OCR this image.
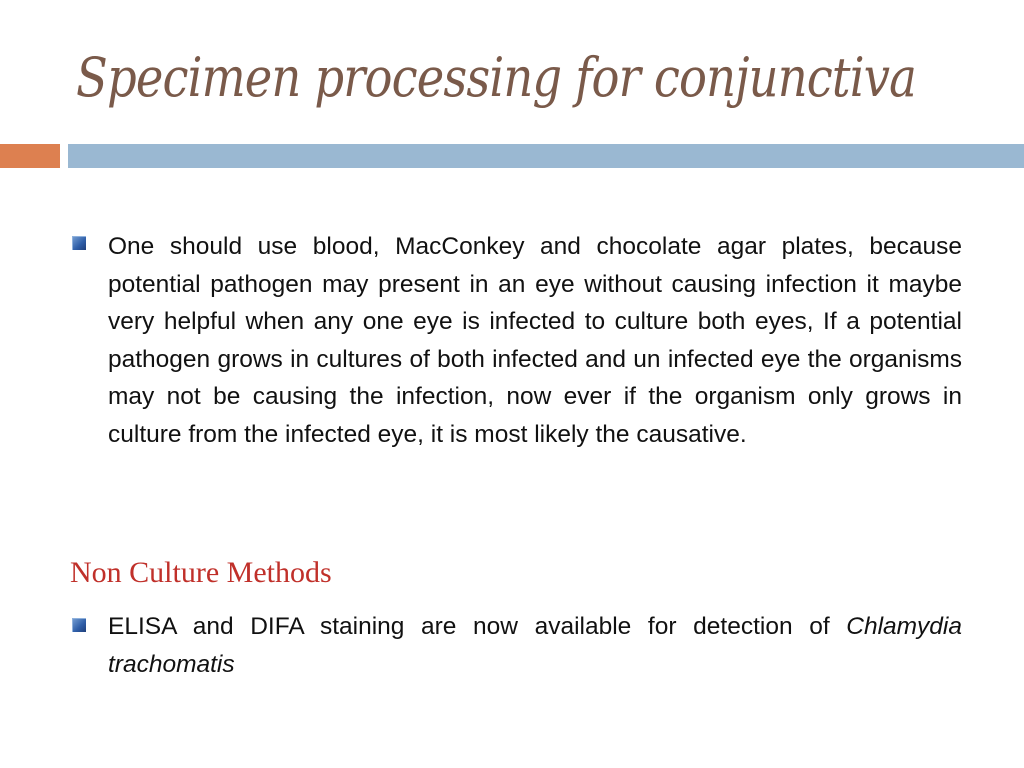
Specimen processing for conjunctiva
One should use blood, MacConkey and chocolate agar plates, because potential pathogen may present in an eye without causing infection it maybe very helpful when any one eye is infected to culture both eyes, If a potential pathogen grows in cultures of both infected and un infected eye the organisms may not be causing the infection, now ever if the organism only grows in culture from the infected eye, it is most likely the causative.
Non Culture Methods
ELISA and DIFA staining are now available for detection of Chlamydia trachomatis
